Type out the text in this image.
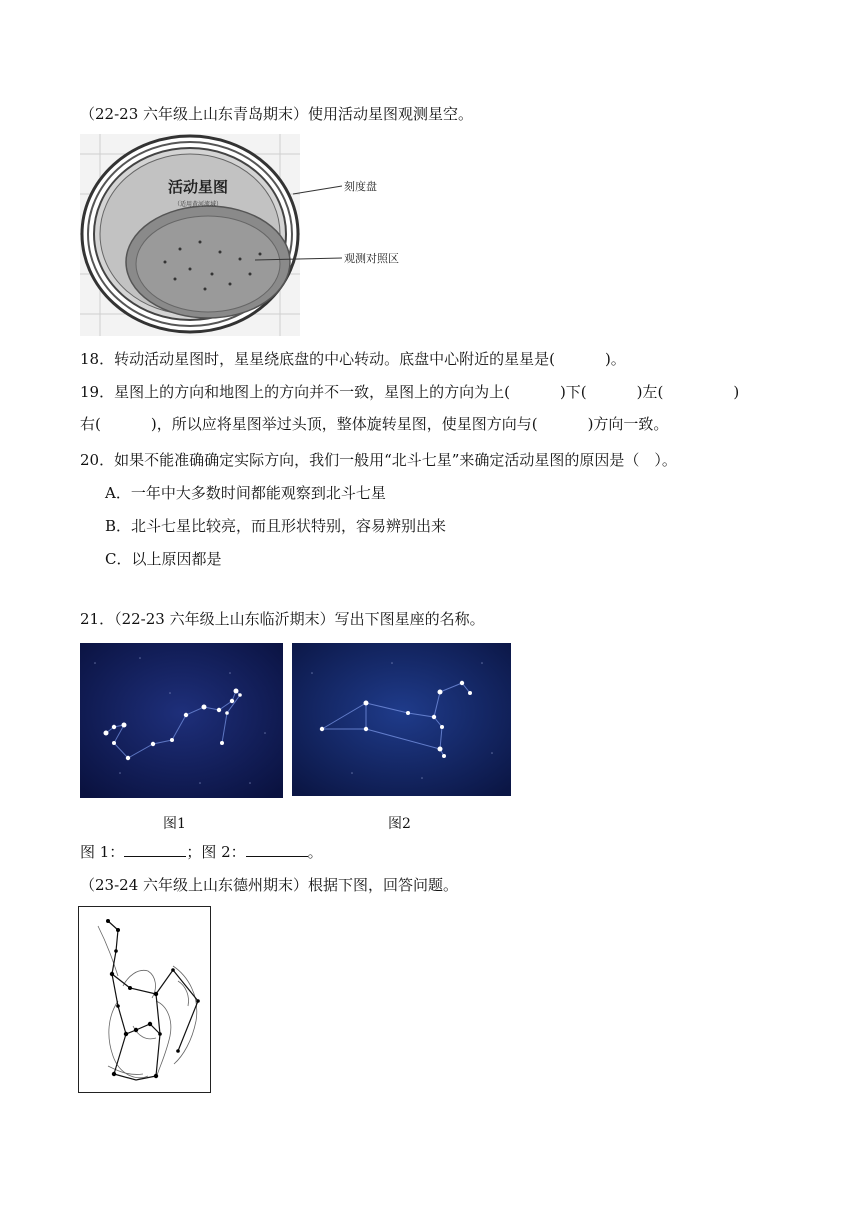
（22-23 六年级上山东青岛期末）使用活动星图观测星空。
活动星图
（适用黄河流域）
刻度盘
观测对照区
18．转动活动星图时，星星绕底盘的中心转动。底盘中心附近的星星是(	)。
19．星图上的方向和地图上的方向并不一致，星图上的方向为上(	)下(	)左(	)
右(	)，所以应将星图举过头顶，整体旋转星图，使星图方向与(	)方向一致。
20．如果不能准确确定实际方向，我们一般用“北斗七星”来确定活动星图的原因是（　）。
A．一年中大多数时间都能观察到北斗七星
B．北斗七星比较亮，而且形状特别，容易辨别出来
C．以上原因都是
21．（22-23 六年级上山东临沂期末）写出下图星座的名称。
图1	图2
图 1：	；图 2：	。
（23-24 六年级上山东德州期末）根据下图，回答问题。
